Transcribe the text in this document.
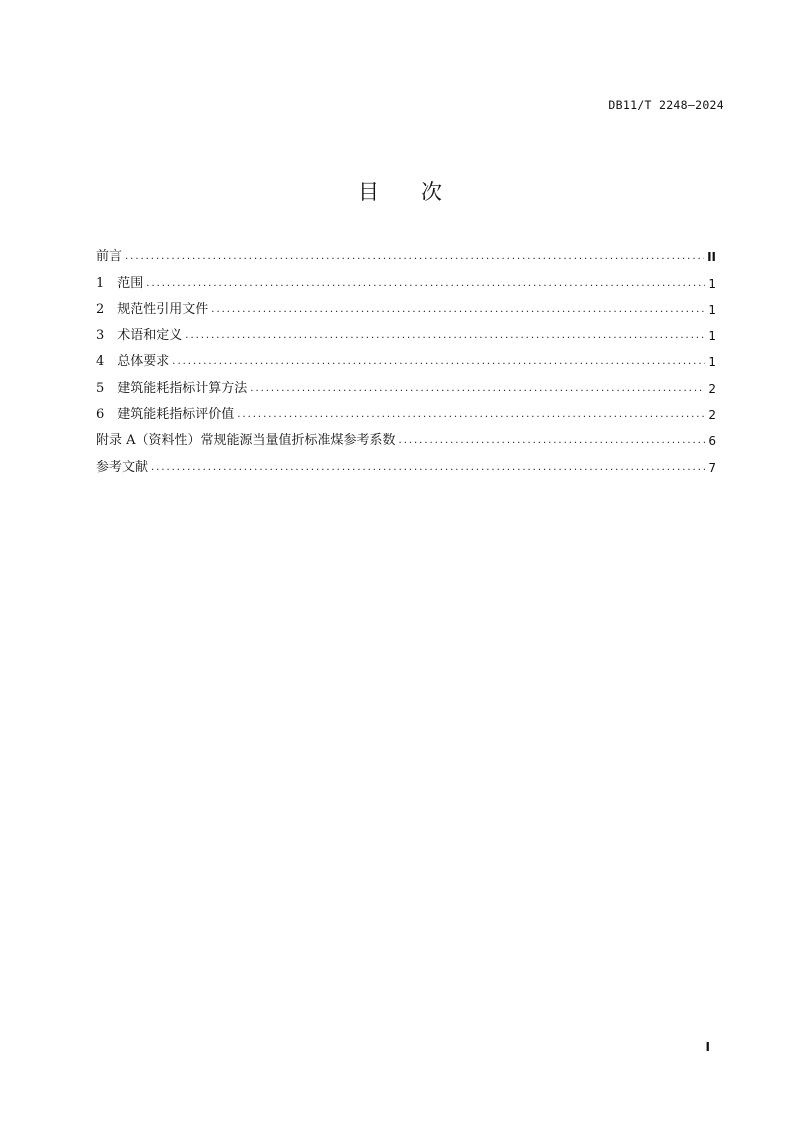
DB11/T 2248—2024
目次
前言 . . .	II
1　范围 . . .	1
2　规范性引用文件 . . .	1
3　术语和定义 . . .	1
4　总体要求 . . .	1
5　建筑能耗指标计算方法 . . .	2
6　建筑能耗指标评价值 . . .	2
附录 A（资料性）常规能源当量值折标准煤参考系数 . . .	6
参考文献 . . .	7
I
